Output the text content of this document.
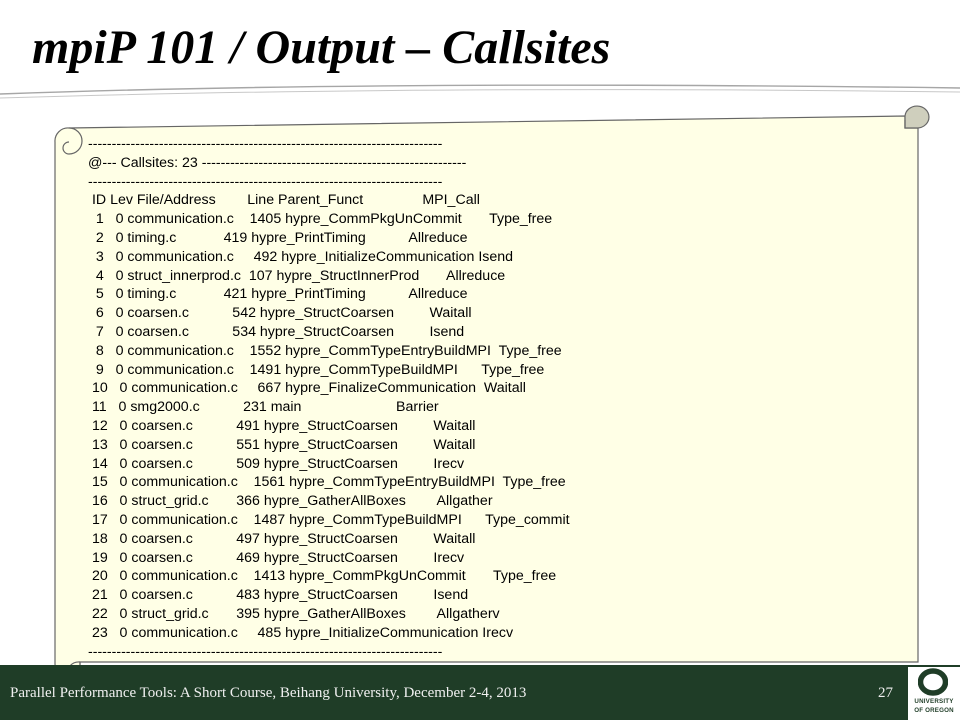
mpiP 101 / Output – Callsites
---------------------------------------------------------------------------
@--- Callsites: 23 --------------------------------------------------------
---------------------------------------------------------------------------
ID Lev File/Address        Line Parent_Funct               MPI_Call
1   0 communication.c    1405 hypre_CommPkgUnCommit       Type_free
2   0 timing.c            419 hypre_PrintTiming           Allreduce
3   0 communication.c     492 hypre_InitializeCommunication Isend
4   0 struct_innerprod.c  107 hypre_StructInnerProd       Allreduce
5   0 timing.c            421 hypre_PrintTiming           Allreduce
6   0 coarsen.c           542 hypre_StructCoarsen         Waitall
7   0 coarsen.c           534 hypre_StructCoarsen         Isend
8   0 communication.c    1552 hypre_CommTypeEntryBuildMPI  Type_free
9   0 communication.c    1491 hypre_CommTypeBuildMPI      Type_free
10   0 communication.c     667 hypre_FinalizeCommunication  Waitall
11   0 smg2000.c           231 main                        Barrier
12   0 coarsen.c           491 hypre_StructCoarsen         Waitall
13   0 coarsen.c           551 hypre_StructCoarsen         Waitall
14   0 coarsen.c           509 hypre_StructCoarsen         Irecv
15   0 communication.c    1561 hypre_CommTypeEntryBuildMPI  Type_free
16   0 struct_grid.c       366 hypre_GatherAllBoxes        Allgather
17   0 communication.c    1487 hypre_CommTypeBuildMPI      Type_commit
18   0 coarsen.c           497 hypre_StructCoarsen         Waitall
19   0 coarsen.c           469 hypre_StructCoarsen         Irecv
20   0 communication.c    1413 hypre_CommPkgUnCommit       Type_free
21   0 coarsen.c           483 hypre_StructCoarsen         Isend
22   0 struct_grid.c       395 hypre_GatherAllBoxes        Allgatherv
23   0 communication.c     485 hypre_InitializeCommunication Irecv
---------------------------------------------------------------------------
Parallel Performance Tools: A Short Course, Beihang University, December 2-4, 2013	27
UNIVERSITY
OF OREGON
